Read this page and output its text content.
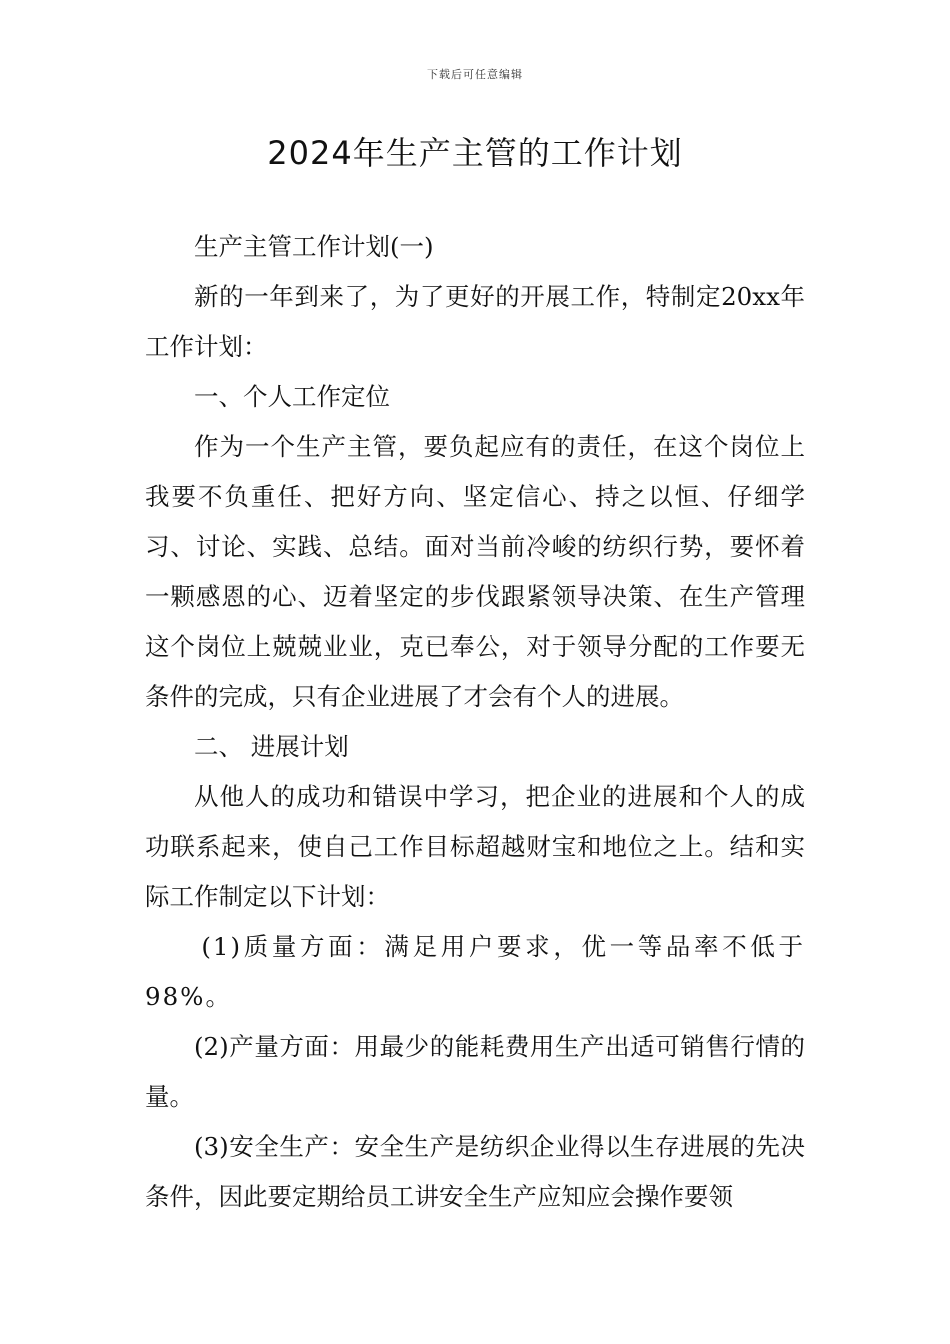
下载后可任意编辑
2024年生产主管的工作计划

生产主管工作计划(一)

新的一年到来了，为了更好的开展工作，特制定20xx年工作计划：

一、个人工作定位

作为一个生产主管，要负起应有的责任，在这个岗位上我要不负重任、把好方向、坚定信心、持之以恒、仔细学习、讨论、实践、总结。面对当前冷峻的纺织行势，要怀着一颗感恩的心、迈着坚定的步伐跟紧领导决策、在生产管理这个岗位上兢兢业业，克已奉公，对于领导分配的工作要无条件的完成，只有企业进展了才会有个人的进展。

二、 进展计划

从他人的成功和错误中学习，把企业的进展和个人的成功联系起来，使自己工作目标超越财宝和地位之上。结和实际工作制定以下计划：

(1)质量方面：满足用户要求，优一等品率不低于98%。

(2)产量方面：用最少的能耗费用生产出适可销售行情的量。

(3)安全生产：安全生产是纺织企业得以生存进展的先决条件，因此要定期给员工讲安全生产应知应会操作要领
